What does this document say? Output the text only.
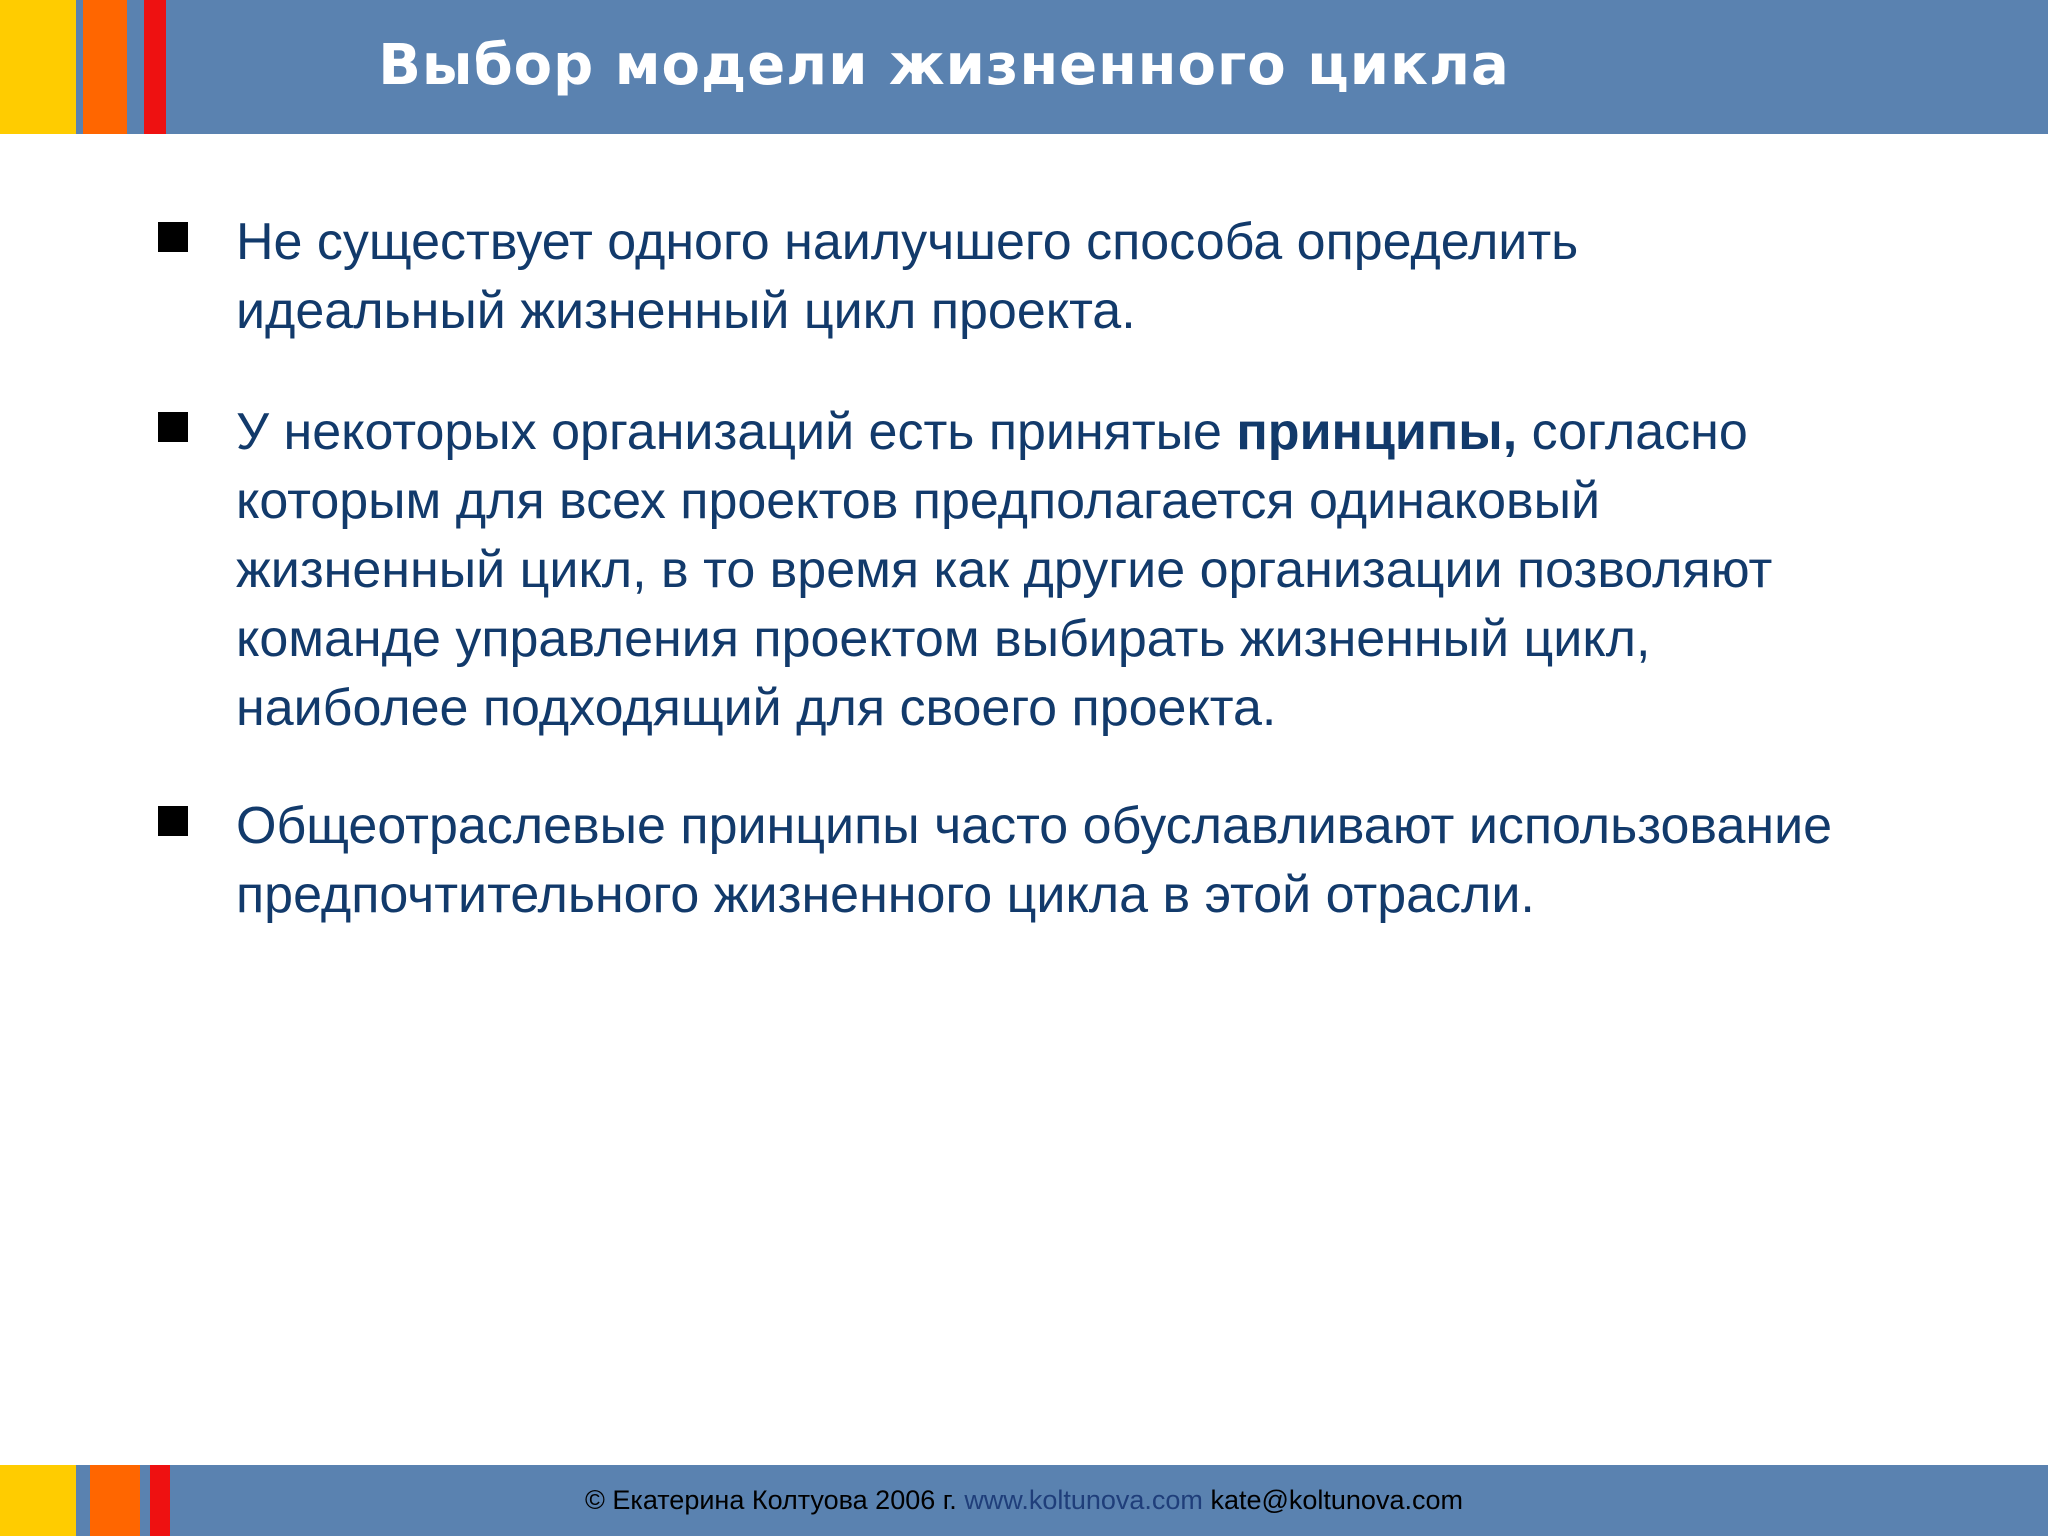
Выбор модели жизненного цикла
Не существует одного наилучшего способа определить
идеальный жизненный цикл проекта.
У некоторых организаций есть принятые принципы, согласно
которым для всех проектов предполагается одинаковый
жизненный цикл, в то время как другие организации позволяют
команде управления проектом выбирать жизненный цикл,
наиболее подходящий для своего проекта.
Общеотраслевые принципы часто обуславливают использование
предпочтительного жизненного цикла в этой отрасли.
© Екатерина Колтуова 2006 г. www.koltunova.com kate@koltunova.com
